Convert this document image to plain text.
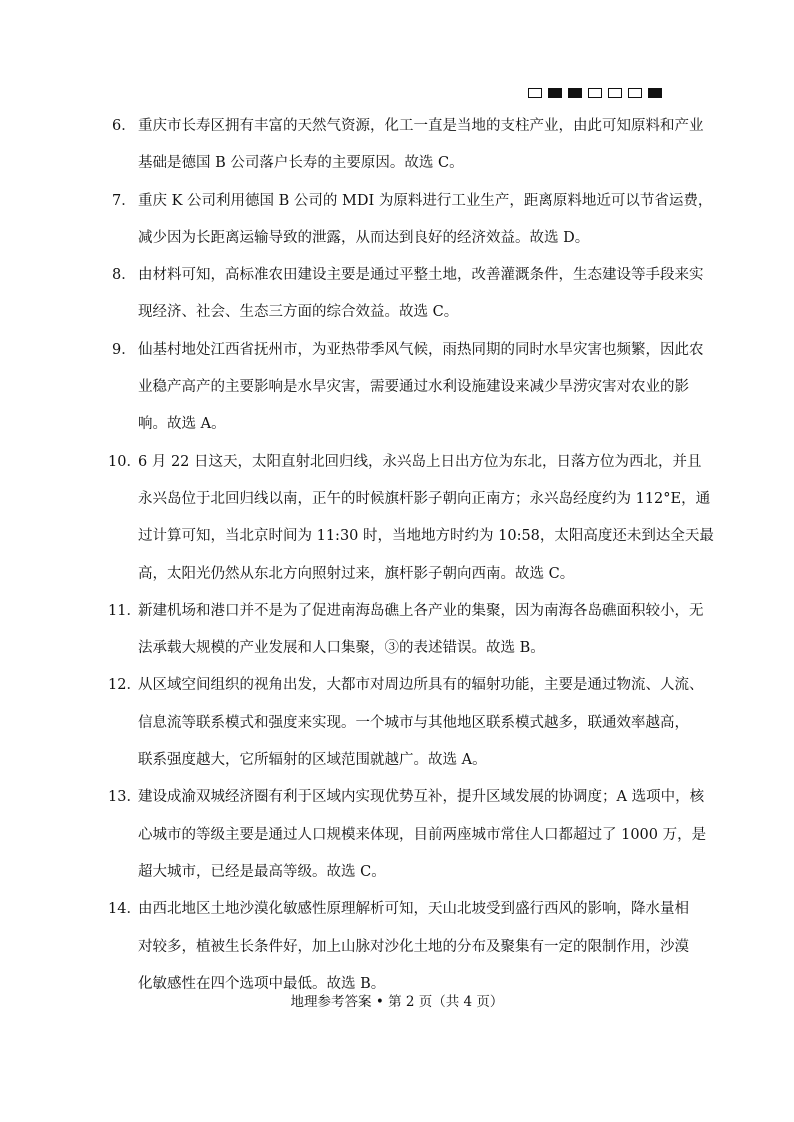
6． 重庆市长寿区拥有丰富的天然气资源，化工一直是当地的支柱产业，由此可知原料和产业
基础是德国 B 公司落户长寿的主要原因。故选 C。
7． 重庆 K 公司利用德国 B 公司的 MDI 为原料进行工业生产，距离原料地近可以节省运费，
减少因为长距离运输导致的泄露，从而达到良好的经济效益。故选 D。
8． 由材料可知，高标准农田建设主要是通过平整土地，改善灌溉条件，生态建设等手段来实
现经济、社会、生态三方面的综合效益。故选 C。
9． 仙基村地处江西省抚州市，为亚热带季风气候，雨热同期的同时水旱灾害也频繁，因此农
业稳产高产的主要影响是水旱灾害，需要通过水利设施建设来减少旱涝灾害对农业的影
响。故选 A。
10．
6 月 22 日这天，太阳直射北回归线，永兴岛上日出方位为东北，日落方位为西北，并且
永兴岛位于北回归线以南，正午的时候旗杆影子朝向正南方；永兴岛经度约为 112°E，通
过计算可知，当北京时间为 11:30 时，当地地方时约为 10:58，太阳高度还未到达全天最
高，太阳光仍然从东北方向照射过来，旗杆影子朝向西南。故选 C。
11．
新建机场和港口并不是为了促进南海岛礁上各产业的集聚，因为南海各岛礁面积较小，无
法承载大规模的产业发展和人口集聚，③的表述错误。故选 B。
12．
从区域空间组织的视角出发，大都市对周边所具有的辐射功能，主要是通过物流、人流、
信息流等联系模式和强度来实现。一个城市与其他地区联系模式越多，联通效率越高，
联系强度越大，它所辐射的区域范围就越广。故选 A。
13．
建设成渝双城经济圈有利于区域内实现优势互补，提升区域发展的协调度；A 选项中，核
心城市的等级主要是通过人口规模来体现，目前两座城市常住人口都超过了 1000 万，是
超大城市，已经是最高等级。故选 C。
14．
由西北地区土地沙漠化敏感性原理解析可知，天山北坡受到盛行西风的影响，降水量相
对较多，植被生长条件好，加上山脉对沙化土地的分布及聚集有一定的限制作用，沙漠
化敏感性在四个选项中最低。故选 B。
地理参考答案 • 第 2 页（共 4 页）
